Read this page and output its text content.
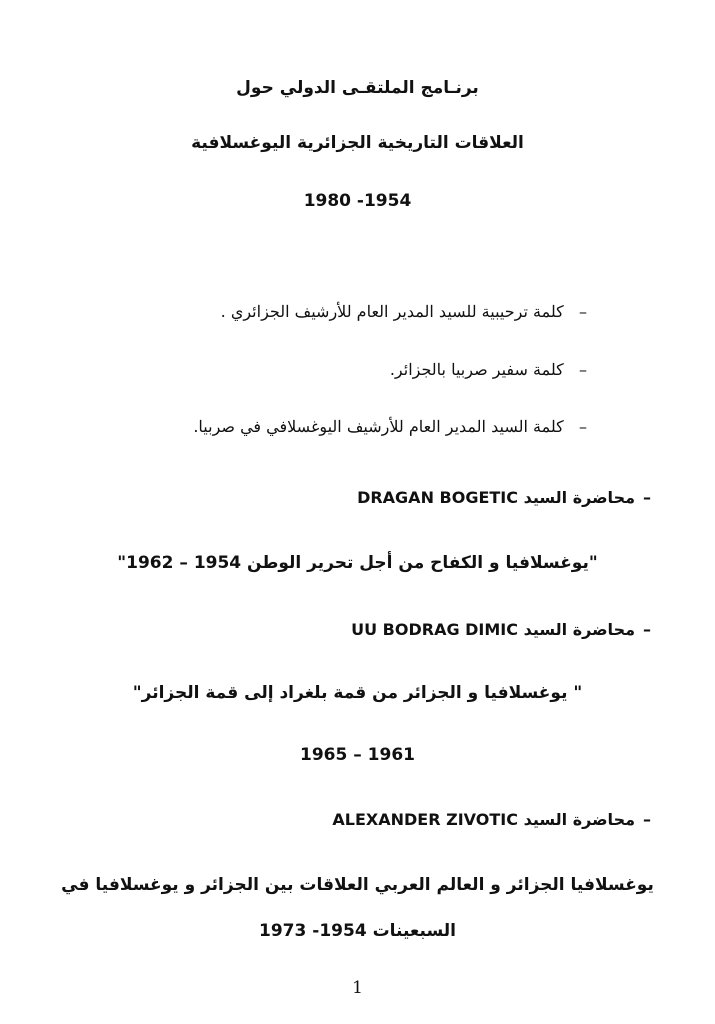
برنـامج الملتقـى الدولي حول
العلاقات التاريخية الجزائرية اليوغسلافية
1980 -1954
–   كلمة ترحيبية للسيد المدير العام للأرشيف الجزائري .
–   كلمة سفير صربيا بالجزائر.
–   كلمة السيد المدير العام للأرشيف اليوغسلافي في صربيا.
–محاضرة السيد DRAGAN BOGETIC
"يوغسلافيا و الكفاح من أجل تحرير الوطن 1954 – 1962"
–محاضرة السيد UU BODRAG DIMIC
" يوغسلافيا و الجزائر من قمة بلغراد إلى قمة الجزائر"
1965 – 1961
–محاضرة السيد ALEXANDER ZIVOTIC
يوغسلافيا الجزائر و العالم العربي العلاقات بين الجزائر و يوغسلافيا في
السبعينات 1954- 1973
1
